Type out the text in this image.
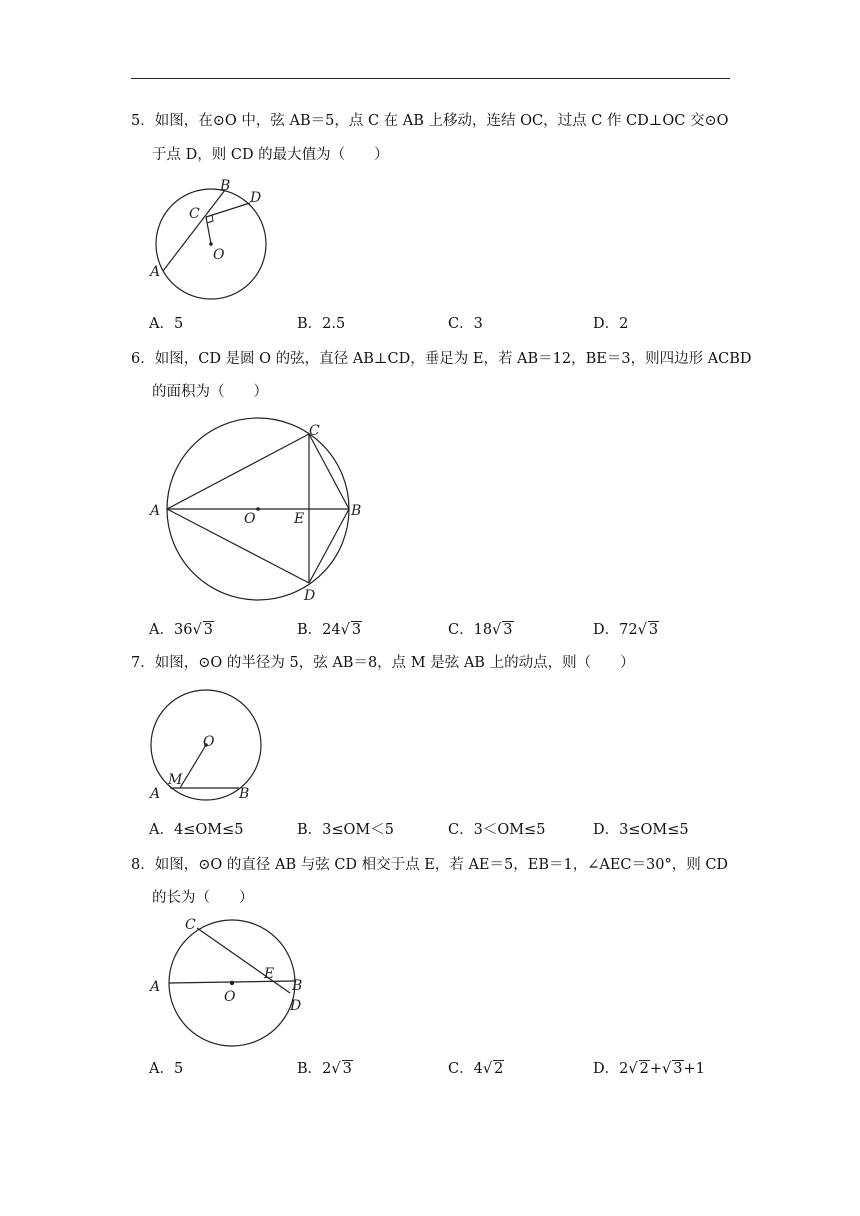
5．如图，在⊙O 中，弦 AB＝5，点 C 在 AB 上移动，连结 OC，过点 C 作 CD⊥OC 交⊙O
于点 D，则 CD 的最大值为（　　）
B
D
C
O
A
A．5	B．2.5	C．3	D．2
6．如图，CD 是圆 O 的弦，直径 AB⊥CD，垂足为 E，若 AB＝12，BE＝3，则四边形 ACBD
的面积为（　　）
A	B
C
D
O	E
A．36√ 3	B．24√ 3	C．18√ 3	D．72√ 3
7．如图，⊙O 的半径为 5，弦 AB＝8，点 M 是弦 AB 上的动点，则（　　）
O
M
A	B
A．4≤OM≤5	B．3≤OM＜5	C．3＜OM≤5	D．3≤OM≤5
8．如图，⊙O 的直径 AB 与弦 CD 相交于点 E，若 AE＝5，EB＝1，∠AEC＝30°，则 CD
的长为（　　）
C
E
B
D
A
O
A．5	B．2√ 3	C．4√ 2	D．2√ 2+√ 3+1
